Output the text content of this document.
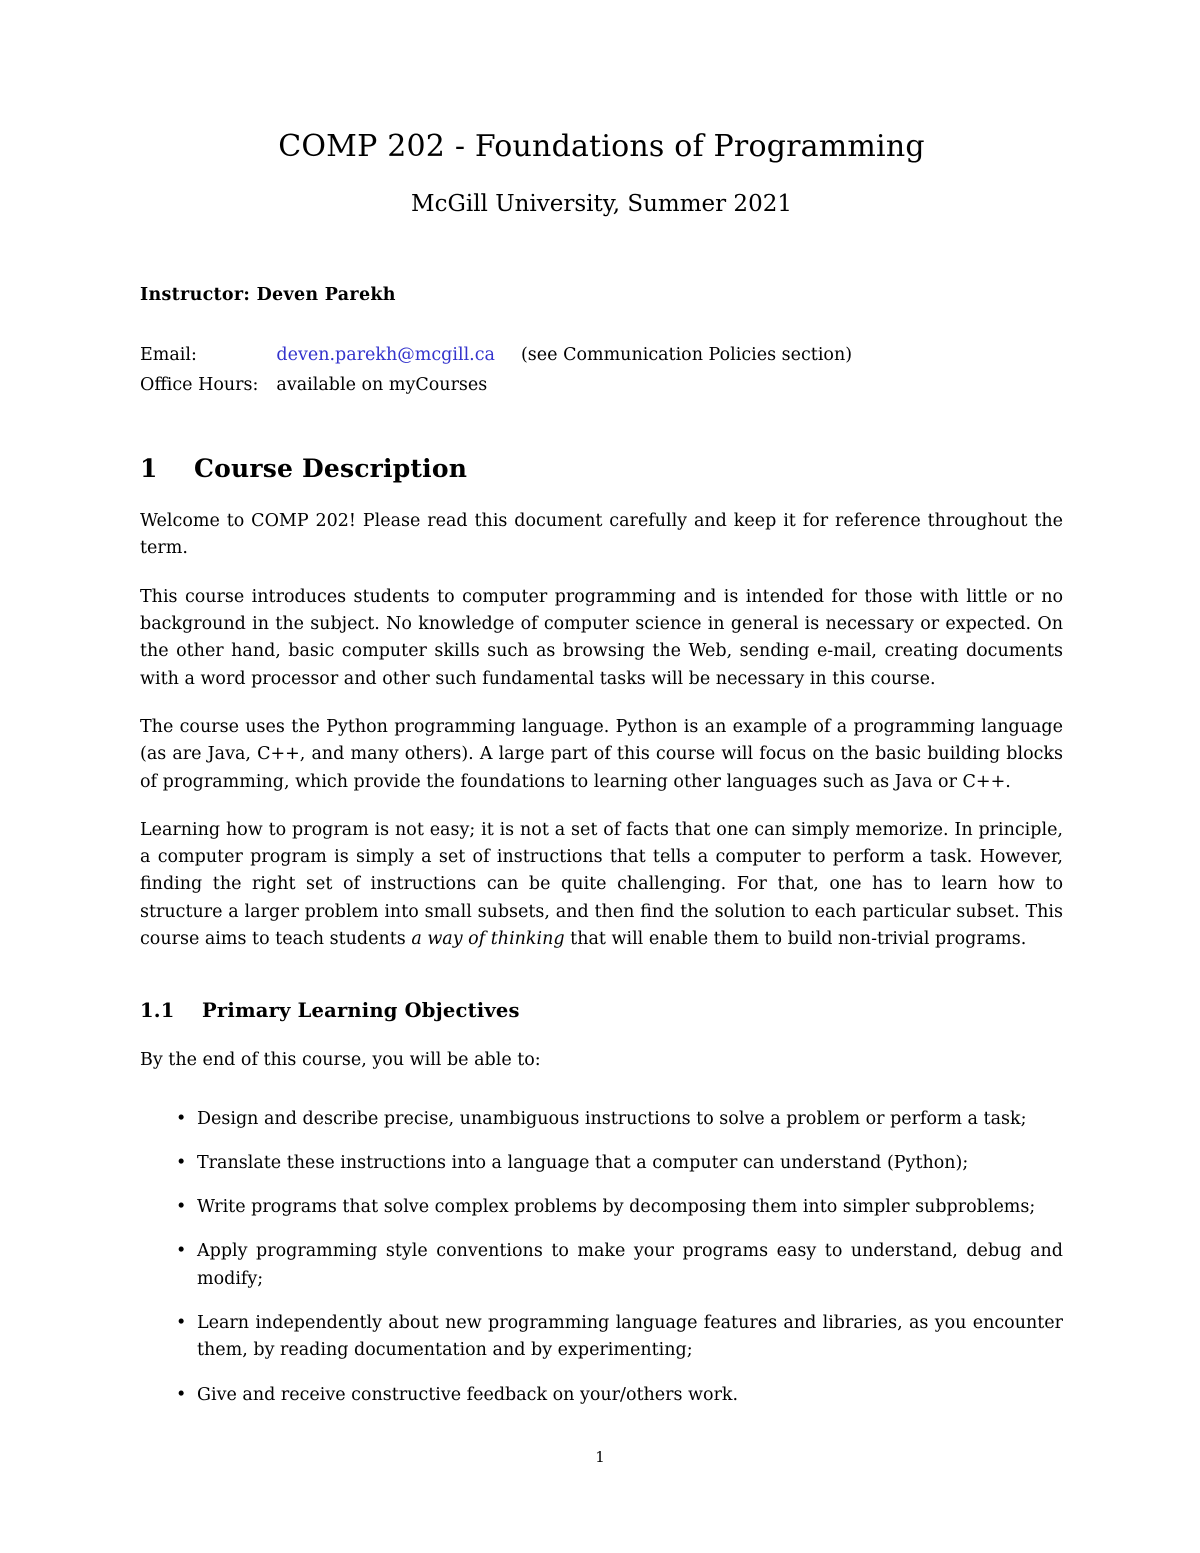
COMP 202 - Foundations of Programming
McGill University, Summer 2021

Instructor: Deven Parekh

Email:	deven.parekh@mcgill.ca	(see Communication Policies section)
Office Hours:	available on myCourses	
1 Course Description

Welcome to COMP 202! Please read this document carefully and keep it for reference throughout the term.

This course introduces students to computer programming and is intended for those with little or no background in the subject. No knowledge of computer science in general is necessary or expected. On the other hand, basic computer skills such as browsing the Web, sending e-mail, creating documents with a word processor and other such fundamental tasks will be necessary in this course.

The course uses the Python programming language. Python is an example of a programming language (as are Java, C++, and many others). A large part of this course will focus on the basic building blocks of programming, which provide the foundations to learning other languages such as Java or C++.

Learning how to program is not easy; it is not a set of facts that one can simply memorize. In principle, a computer program is simply a set of instructions that tells a computer to perform a task. However, finding the right set of instructions can be quite challenging. For that, one has to learn how to structure a larger problem into small subsets, and then find the solution to each particular subset. This course aims to teach students a way of thinking that will enable them to build non-trivial programs.

1.1 Primary Learning Objectives

By the end of this course, you will be able to:

• Design and describe precise, unambiguous instructions to solve a problem or perform a task;
• Translate these instructions into a language that a computer can understand (Python);
• Write programs that solve complex problems by decomposing them into simpler subproblems;
• Apply programming style conventions to make your programs easy to understand, debug and modify;
• Learn independently about new programming language features and libraries, as you encounter them, by reading documentation and by experimenting;
• Give and receive constructive feedback on your/others work.
1
